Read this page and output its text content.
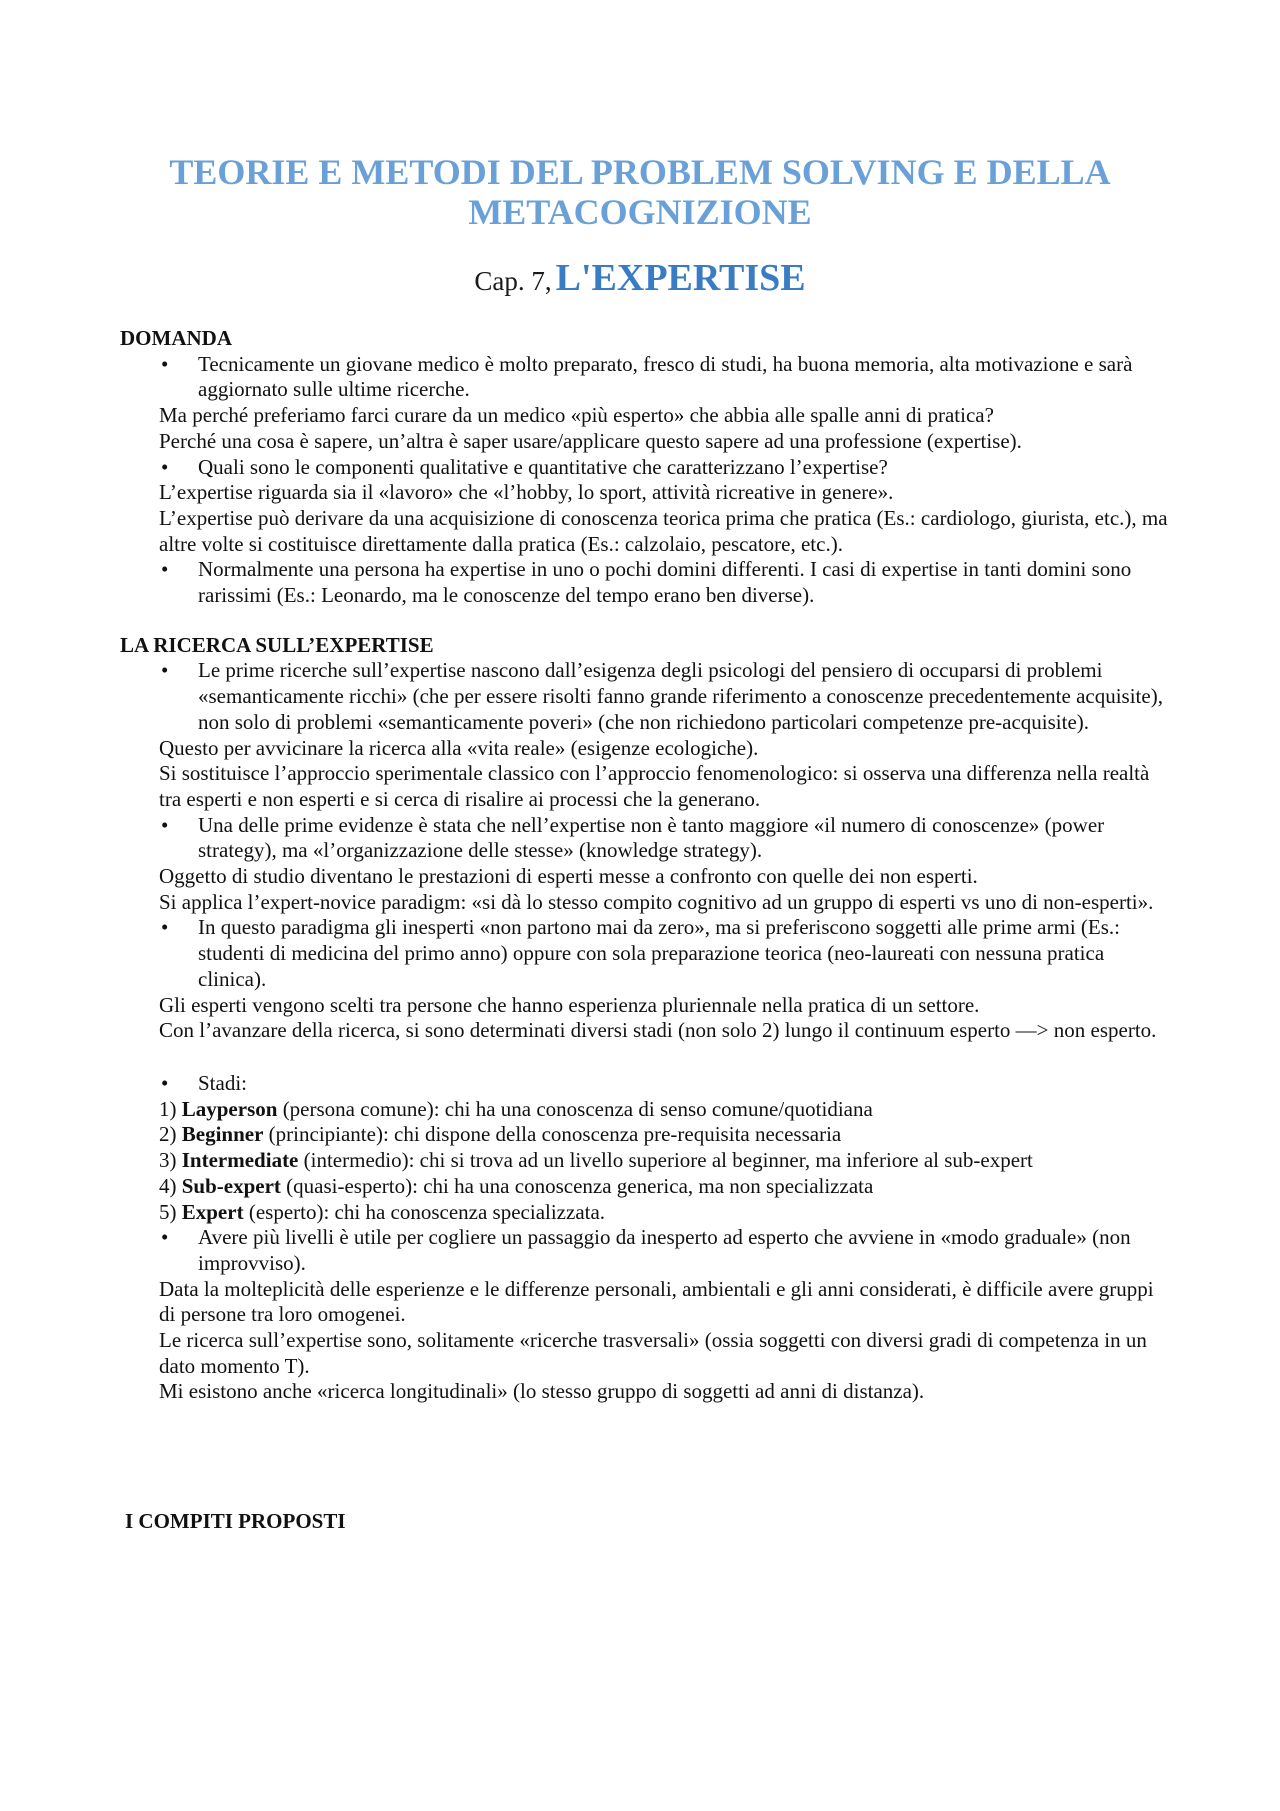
TEORIE E METODI DEL PROBLEM SOLVING E DELLA METACOGNIZIONE
Cap. 7, L'EXPERTISE

DOMANDA

• Tecnicamente un giovane medico è molto preparato, fresco di studi, ha buona memoria, alta motivazione e sarà aggiornato sulle ultime ricerche.

Ma perché preferiamo farci curare da un medico «più esperto» che abbia alle spalle anni di pratica?

Perché una cosa è sapere, un’altra è saper usare/applicare questo sapere ad una professione (expertise).

• Quali sono le componenti qualitative e quantitative che caratterizzano l’expertise?

L’expertise riguarda sia il «lavoro» che «l’hobby, lo sport, attività ricreative in genere».

L’expertise può derivare da una acquisizione di conoscenza teorica prima che pratica (Es.: cardiologo, giurista, etc.), ma altre volte si costituisce direttamente dalla pratica (Es.: calzolaio, pescatore, etc.).

• Normalmente una persona ha expertise in uno o pochi domini differenti. I casi di expertise in tanti domini sono rarissimi (Es.: Leonardo, ma le conoscenze del tempo erano ben diverse).

LA RICERCA SULL’EXPERTISE

• Le prime ricerche sull’expertise nascono dall’esigenza degli psicologi del pensiero di occuparsi di problemi «semanticamente ricchi» (che per essere risolti fanno grande riferimento a conoscenze precedentemente acquisite), non solo di problemi «semanticamente poveri» (che non richiedono particolari competenze pre-acquisite).

Questo per avvicinare la ricerca alla «vita reale» (esigenze ecologiche).

Si sostituisce l’approccio sperimentale classico con l’approccio fenomenologico: si osserva una differenza nella realtà tra esperti e non esperti e si cerca di risalire ai processi che la generano.

• Una delle prime evidenze è stata che nell’expertise non è tanto maggiore «il numero di conoscenze» (power strategy), ma «l’organizzazione delle stesse» (knowledge strategy).

Oggetto di studio diventano le prestazioni di esperti messe a confronto con quelle dei non esperti.

Si applica l’expert-novice paradigm: «si dà lo stesso compito cognitivo ad un gruppo di esperti vs uno di non-esperti».

• In questo paradigma gli inesperti «non partono mai da zero», ma si preferiscono soggetti alle prime armi (Es.: studenti di medicina del primo anno) oppure con sola preparazione teorica (neo-laureati con nessuna pratica clinica).

Gli esperti vengono scelti tra persone che hanno esperienza pluriennale nella pratica di un settore.

Con l’avanzare della ricerca, si sono determinati diversi stadi (non solo 2) lungo il continuum esperto —> non esperto.

• Stadi:

1) Layperson (persona comune): chi ha una conoscenza di senso comune/quotidiana

2) Beginner (principiante): chi dispone della conoscenza pre-requisita necessaria

3) Intermediate (intermedio): chi si trova ad un livello superiore al beginner, ma inferiore al sub-expert

4) Sub-expert (quasi-esperto): chi ha una conoscenza generica, ma non specializzata

5) Expert (esperto): chi ha conoscenza specializzata.

• Avere più livelli è utile per cogliere un passaggio da inesperto ad esperto che avviene in «modo graduale» (non improvviso).

Data la molteplicità delle esperienze e le differenze personali, ambientali e gli anni considerati, è difficile avere gruppi di persone tra loro omogenei.

Le ricerca sull’expertise sono, solitamente «ricerche trasversali» (ossia soggetti con diversi gradi di competenza in un dato momento T).

Mi esistono anche «ricerca longitudinali» (lo stesso gruppo di soggetti ad anni di distanza).

I COMPITI PROPOSTI
